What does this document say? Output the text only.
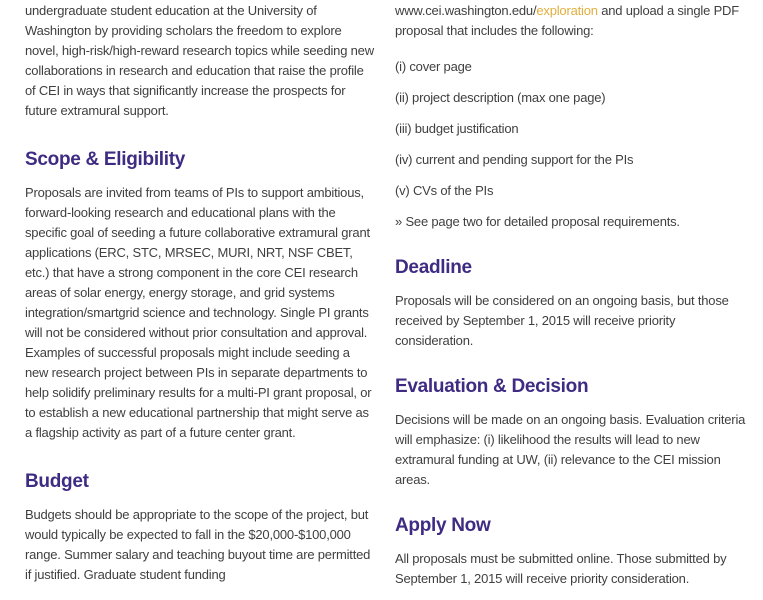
undergraduate student education at the University of Washington by providing scholars the freedom to explore novel, high-risk/high-reward research topics while seeding new collaborations in research and education that raise the profile of CEI in ways that significantly increase the prospects for future extramural support.

Scope & Eligibility

Proposals are invited from teams of PIs to support ambitious, forward-looking research and educational plans with the specific goal of seeding a future collaborative extramural grant applications (ERC, STC, MRSEC, MURI, NRT, NSF CBET, etc.) that have a strong component in the core CEI research areas of solar energy, energy storage, and grid systems integration/smartgrid science and technology. Single PI grants will not be considered without prior consultation and approval. Examples of successful proposals might include seeding a new research project between PIs in separate departments to help solidify preliminary results for a multi-PI grant proposal, or to establish a new educational partnership that might serve as a flagship activity as part of a future center grant.

Budget

Budgets should be appropriate to the scope of the project, but would typically be expected to fall in the $20,000-$100,000 range. Summer salary and teaching buyout time are permitted if justified. Graduate student funding

www.cei.washington.edu/exploration and upload a single PDF proposal that includes the following:

(i) cover page
(ii) project description (max one page)
(iii) budget justification
(iv) current and pending support for the PIs
(v) CVs of the PIs

» See page two for detailed proposal requirements.

Deadline

Proposals will be considered on an ongoing basis, but those received by September 1, 2015 will receive priority consideration.

Evaluation & Decision

Decisions will be made on an ongoing basis. Evaluation criteria will emphasize: (i) likelihood the results will lead to new extramural funding at UW, (ii) relevance to the CEI mission areas.

Apply Now

All proposals must be submitted online. Those submitted by September 1, 2015 will receive priority consideration.
